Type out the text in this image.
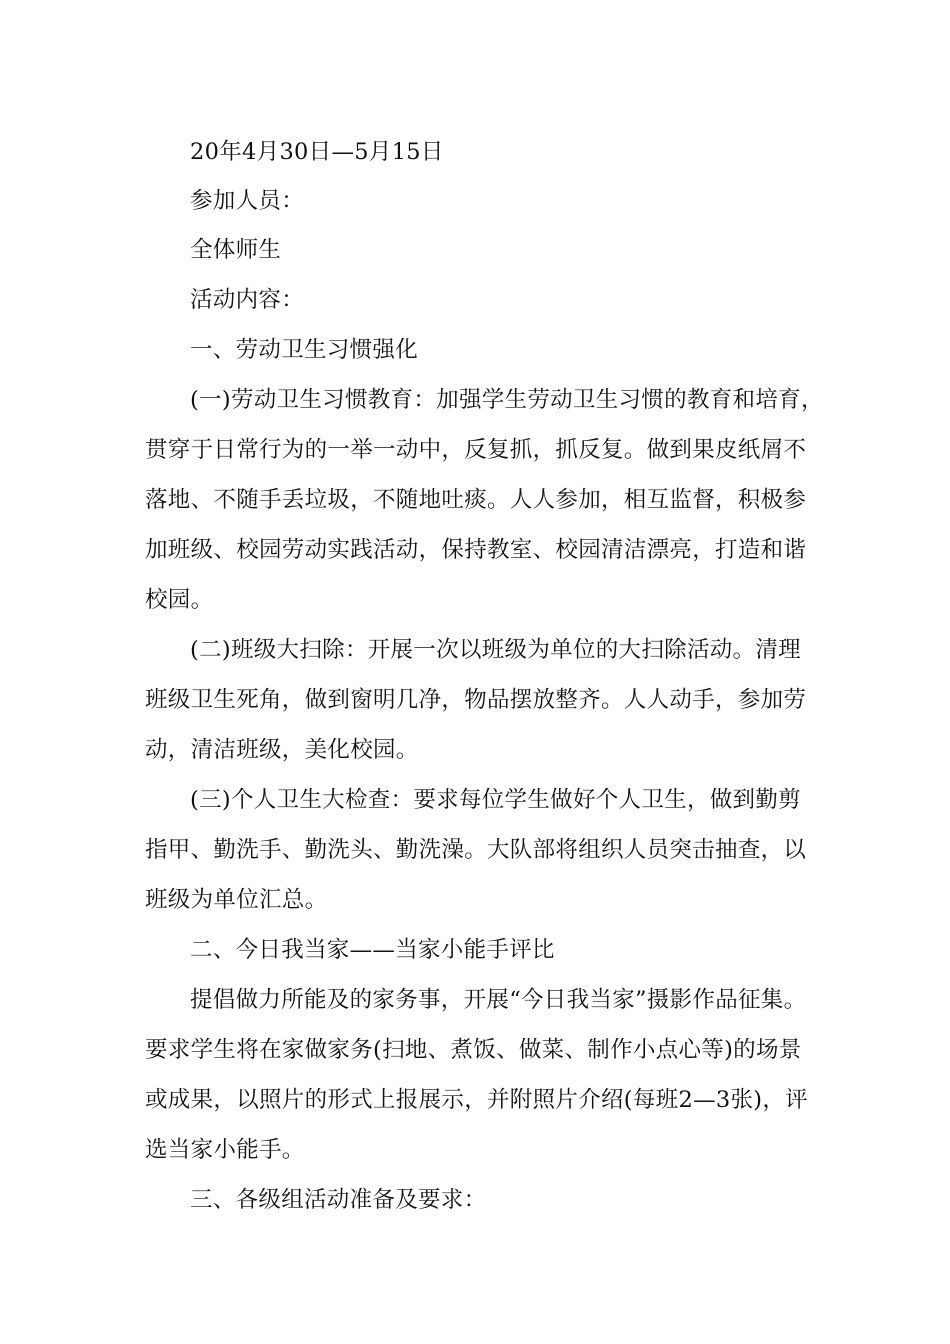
20年4月30日—5月15日
参加人员：
全体师生
活动内容：
一、劳动卫生习惯强化
(一)劳动卫生习惯教育：加强学生劳动卫生习惯的教育和培育，
贯穿于日常行为的一举一动中，反复抓，抓反复。做到果皮纸屑不
落地、不随手丢垃圾，不随地吐痰。人人参加，相互监督，积极参
加班级、校园劳动实践活动，保持教室、校园清洁漂亮，打造和谐
校园。
(二)班级大扫除：开展一次以班级为单位的大扫除活动。清理
班级卫生死角，做到窗明几净，物品摆放整齐。人人动手，参加劳
动，清洁班级，美化校园。
(三)个人卫生大检查：要求每位学生做好个人卫生，做到勤剪
指甲、勤洗手、勤洗头、勤洗澡。大队部将组织人员突击抽查，以
班级为单位汇总。
二、今日我当家——当家小能手评比
提倡做力所能及的家务事，开展“今日我当家”摄影作品征集。
要求学生将在家做家务(扫地、煮饭、做菜、制作小点心等)的场景
或成果，以照片的形式上报展示，并附照片介绍(每班2—3张)，评
选当家小能手。
三、各级组活动准备及要求：
